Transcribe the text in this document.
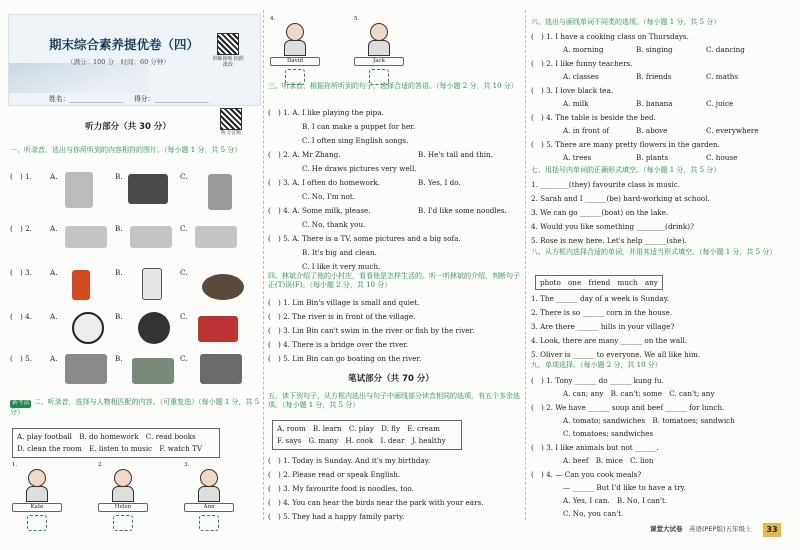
期末综合素养提优卷（四）
（满分：100 分　时间：60 分钟）	讲解视频 拍照批改
姓名：________________ 得分：________________
听力音频
听力部分（共 30 分）
一、听录音，选出与你所听到的内容相符的图片。（每小题 1 分，共 5 分）
(　) 1.	A.	B.	C.
(　) 2.	A.	B.	C.
(　) 3.	A.	B.	C.
(　) 4.	A.	B.	C.
(　) 5.	A.	B.	C.
新考法 二、听录音，选择与人物相匹配的内容。（可重复选）（每小题 1 分，共 5 分）
A. play football　 B. do homework　 C. read books
D. clean the room　 E. listen to music　 F. watch TV
1.
Kate
2.
Helen
3.
Ann
4.
David
5.
Jack
三、听录音，根据你所听到的句子，选择合适的答语。（每小题 2 分，共 10 分）
(　) 1. A. I like playing the pipa.
B. I can make a puppet for her.
C. I often sing English songs.
(　) 2. A. Mr Zhang.	B. He's tall and thin.
C. He draws pictures very well.
(　) 3. A. I often do homework.	B. Yes, I do.
C. No, I'm not.
(　) 4. A. Some milk, please.	B. I'd like some noodles.
C. No, thank you.
(　) 5. A. There is a TV, some pictures and a big sofa.
B. It's big and clean.
C. I like it very much.
四、林斌介绍了他的小村庄，看看他是怎样生活的。听一听林斌的介绍，判断句子正(T)误(F)。（每小题 2 分，共 10 分）
(　) 1. Lin Bin's village is small and quiet.
(　) 2. The river is in front of the village.
(　) 3. Lin Bin can't swim in the river or fish by the river.
(　) 4. There is a bridge over the river.
(　) 5. Lin Bin can go boating on the river.
笔试部分（共 70 分）
五、读下列句子，从方框内选出与句子中画线部分读音相同的选项，有五个多余选项。（每小题 1 分，共 5 分）
A. room　 B. learn　 C. play　 D. fly　 E. cream
F. says　 G. many　 H. cook　 I. dear　 J. healthy
(　) 1. Today is Sunday. And it's my birthday.
(　) 2. Please read or speak English.
(　) 3. My favourite food is noodles, too.
(　) 4. You can hear the birds near the park with your ears.
(　) 5. They had a happy family party.
六、选出与画线单词不同类的选项。（每小题 1 分，共 5 分）
(　) 1. I have a cooking class on Thursdays.
A. morning	B. singing	C. dancing
(　) 2. I like funny teachers.
A. classes	B. friends	C. maths
(　) 3. I love black tea.
A. milk	B. banana	C. juice
(　) 4. The table is beside the bed.
A. in front of	B. above	C. everywhere
(　) 5. There are many pretty flowers in the garden.
A. trees	B. plants	C. house
七、用括号内单词的正确形式填空。（每小题 1 分，共 5 分）
1. ________(they) favourite class is music.
2. Sarah and I ______(be) hard-working at school.
3. We can go ______(boat) on the lake.
4. Would you like something ________(drink)?
5. Rose is new here. Let's help ______(she).
八、从方框内选择合适的单词，并用其适当形式填空。（每小题 1 分，共 5 分）
photo　 one　 friend　 much　 any
1. The ______ day of a week is Sunday.
2. There is so ______ corn in the house.
3. Are there ______ hills in your village?
4. Look, there are many ______ on the wall.
5. Oliver is ______ to everyone. We all like him.
九、单项选择。（每小题 2 分，共 10 分）
(　) 1. Tony ______ do ______ kung fu.
A. can; any　B. can't; some　C. can't; any
(　) 2. We have ______ soup and beef ______ for lunch.
A. tomato; sandwiches　B. tomatoes; sandwich
C. tomatoes; sandwiches
(　) 3. I like animals but not ______.
A. beef　B. mice　C. lion
(　) 4. — Can you cook meals?
— ______ But I'd like to have a try.
A. Yes, I can.　B. No, I can't.
C. No, you can't.
课堂大试卷　 英语(PEP版)五年级上	33
